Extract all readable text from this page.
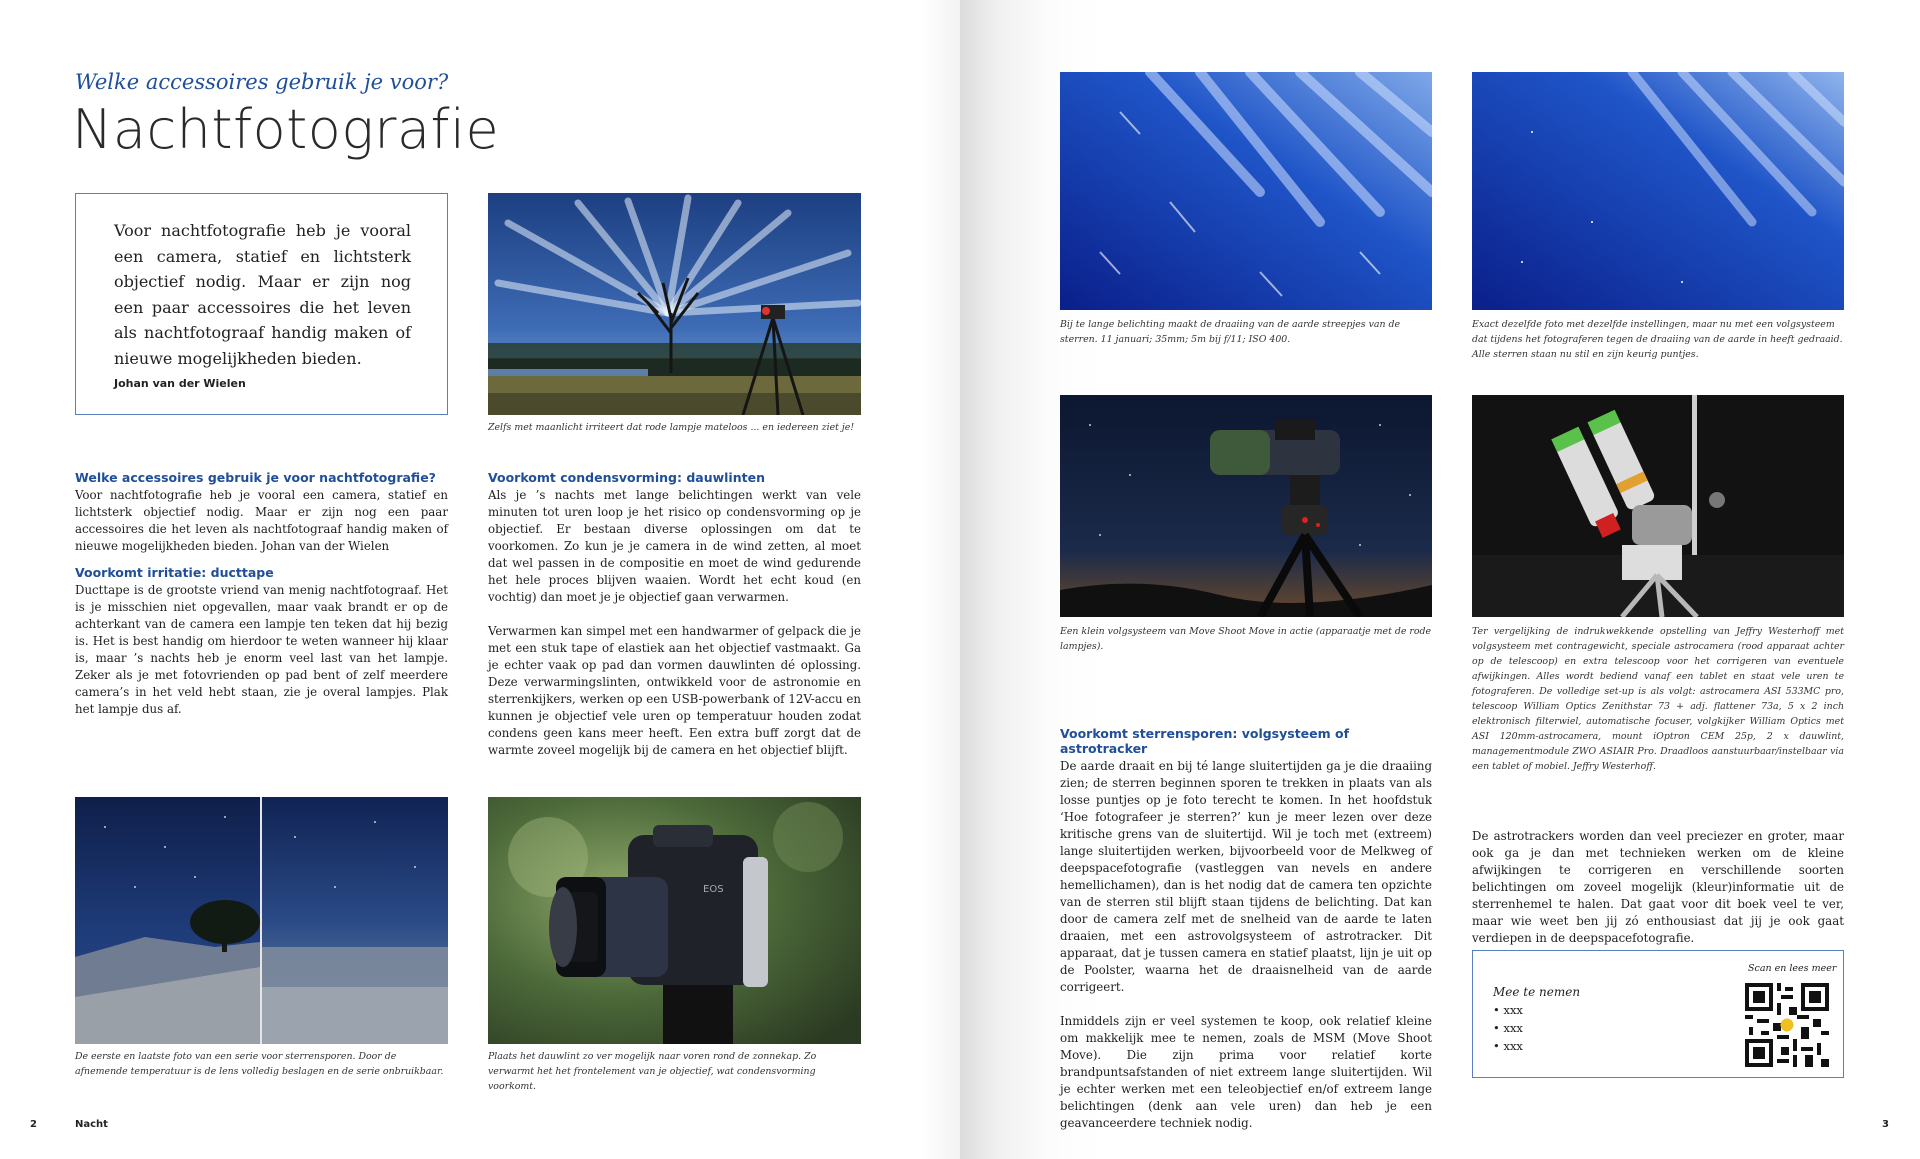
Welke accessoires gebruik je voor?
Nachtfotografie
Voor nachtfotografie heb je vooral een camera, statief en lichtsterk objectief nodig. Maar er zijn nog een paar accessoires die het leven als nachtfotograaf handig maken of nieuwe mogelijkheden bieden.
Johan van der Wielen
Zelfs met maanlicht irriteert dat rode lampje mateloos ... en iedereen ziet je!
Welke accessoires gebruik je voor nachtfotografie?
Voor nachtfotografie heb je vooral een camera, statief en lichtsterk objectief nodig. Maar er zijn nog een paar accessoires die het leven als nachtfotograaf handig maken of nieuwe mogelijkheden bieden. Johan van der Wielen
Voorkomt irritatie: ducttape
Ducttape is de grootste vriend van menig nachtfotograaf. Het is je misschien niet opgevallen, maar vaak brandt er op de achterkant van de camera een lampje ten teken dat hij bezig is. Het is best handig om hierdoor te weten wanneer hij klaar is, maar ’s nachts heb je enorm veel last van het lampje. Zeker als je met fotovrienden op pad bent of zelf meerdere camera’s in het veld hebt staan, zie je overal lampjes. Plak het lampje dus af.
Voorkomt condensvorming: dauwlinten
Als je ’s nachts met lange belichtingen werkt van vele minuten tot uren loop je het risico op condensvorming op je objectief. Er bestaan diverse oplossingen om dat te voorkomen. Zo kun je je camera in de wind zetten, al moet dat wel passen in de compositie en moet de wind gedurende het hele proces blijven waaien. Wordt het echt koud (en vochtig) dan moet je je objectief gaan verwarmen.
Verwarmen kan simpel met een handwarmer of gelpack die je met een stuk tape of elastiek aan het objectief vastmaakt. Ga je echter vaak op pad dan vormen dauwlinten dé oplossing. Deze verwarmingslinten, ontwikkeld voor de astronomie en sterrenkijkers, werken op een USB-powerbank of 12V-accu en kunnen je objectief vele uren op temperatuur houden zodat condens geen kans meer heeft. Een extra buff zorgt dat de warmte zoveel mogelijk bij de camera en het objectief blijft.
De eerste en laatste foto van een serie voor sterrensporen. Door de afnemende temperatuur is de lens volledig beslagen en de serie onbruikbaar.
EOS
Plaats het dauwlint zo ver mogelijk naar voren rond de zonnekap. Zo verwarmt het het frontelement van je objectief, wat condensvorming voorkomt.
2	Nacht
Bij te lange belichting maakt de draaiing van de aarde streepjes van de sterren. 11 januari; 35mm; 5m bij f/11; ISO 400.
Exact dezelfde foto met dezelfde instellingen, maar nu met een volgsysteem dat tijdens het fotograferen tegen de draaiing van de aarde in heeft gedraaid. Alle sterren staan nu stil en zijn keurig puntjes.
Een klein volgsysteem van Move Shoot Move in actie (apparaatje met de rode lampjes).
Ter vergelijking de indrukwekkende opstelling van Jeffry Westerhoff met volgsysteem met contragewicht, speciale astrocamera (rood apparaat achter op de telescoop) en extra telescoop voor het corrigeren van eventuele afwijkingen. Alles wordt bediend vanaf een tablet en staat vele uren te fotograferen. De volledige set-up is als volgt: astrocamera ASI 533MC pro, telescoop William Optics Zenithstar 73 + adj. flattener 73a, 5 x 2 inch elektronisch filterwiel, automatische focuser, volgkijker William Optics met ASI 120mm-astrocamera, mount iOptron CEM 25p, 2 x dauwlint, managementmodule ZWO ASIAIR Pro. Draadloos aanstuurbaar/instelbaar via een tablet of mobiel. Jeffry Westerhoff.
Voorkomt sterrensporen: volgsysteem of astrotracker
De aarde draait en bij té lange sluitertijden ga je die draaiing zien; de sterren beginnen sporen te trekken in plaats van als losse puntjes op je foto terecht te komen. In het hoofdstuk ‘Hoe fotografeer je sterren?’ kun je meer lezen over deze kritische grens van de sluitertijd. Wil je toch met (extreem) lange sluitertijden werken, bijvoorbeeld voor de Melkweg of deepspacefotografie (vastleggen van nevels en andere hemellichamen), dan is het nodig dat de camera ten opzichte van de sterren stil blijft staan tijdens de belichting. Dat kan door de camera zelf met de snelheid van de aarde te laten draaien, met een astrovolgsysteem of astrotracker. Dit apparaat, dat je tussen camera en statief plaatst, lijn je uit op de Poolster, waarna het de draaisnelheid van de aarde corrigeert.
Inmiddels zijn er veel systemen te koop, ook relatief kleine om makkelijk mee te nemen, zoals de MSM (Move Shoot Move). Die zijn prima voor relatief korte brandpuntsafstanden of niet extreem lange sluitertijden. Wil je echter werken met een teleobjectief en/of extreem lange belichtingen (denk aan vele uren) dan heb je een geavanceerdere techniek nodig.
De astrotrackers worden dan veel preciezer en groter, maar ook ga je dan met technieken werken om de kleine afwijkingen te corrigeren en verschillende soorten belichtingen om zoveel mogelijk (kleur)informatie uit de sterrenhemel te halen. Dat gaat voor dit boek veel te ver, maar wie weet ben jij zó enthousiast dat jij je ook gaat verdiepen in de deepspacefotografie.
Scan en lees meer
Mee te nemen
• xxx
• xxx
• xxx
3
